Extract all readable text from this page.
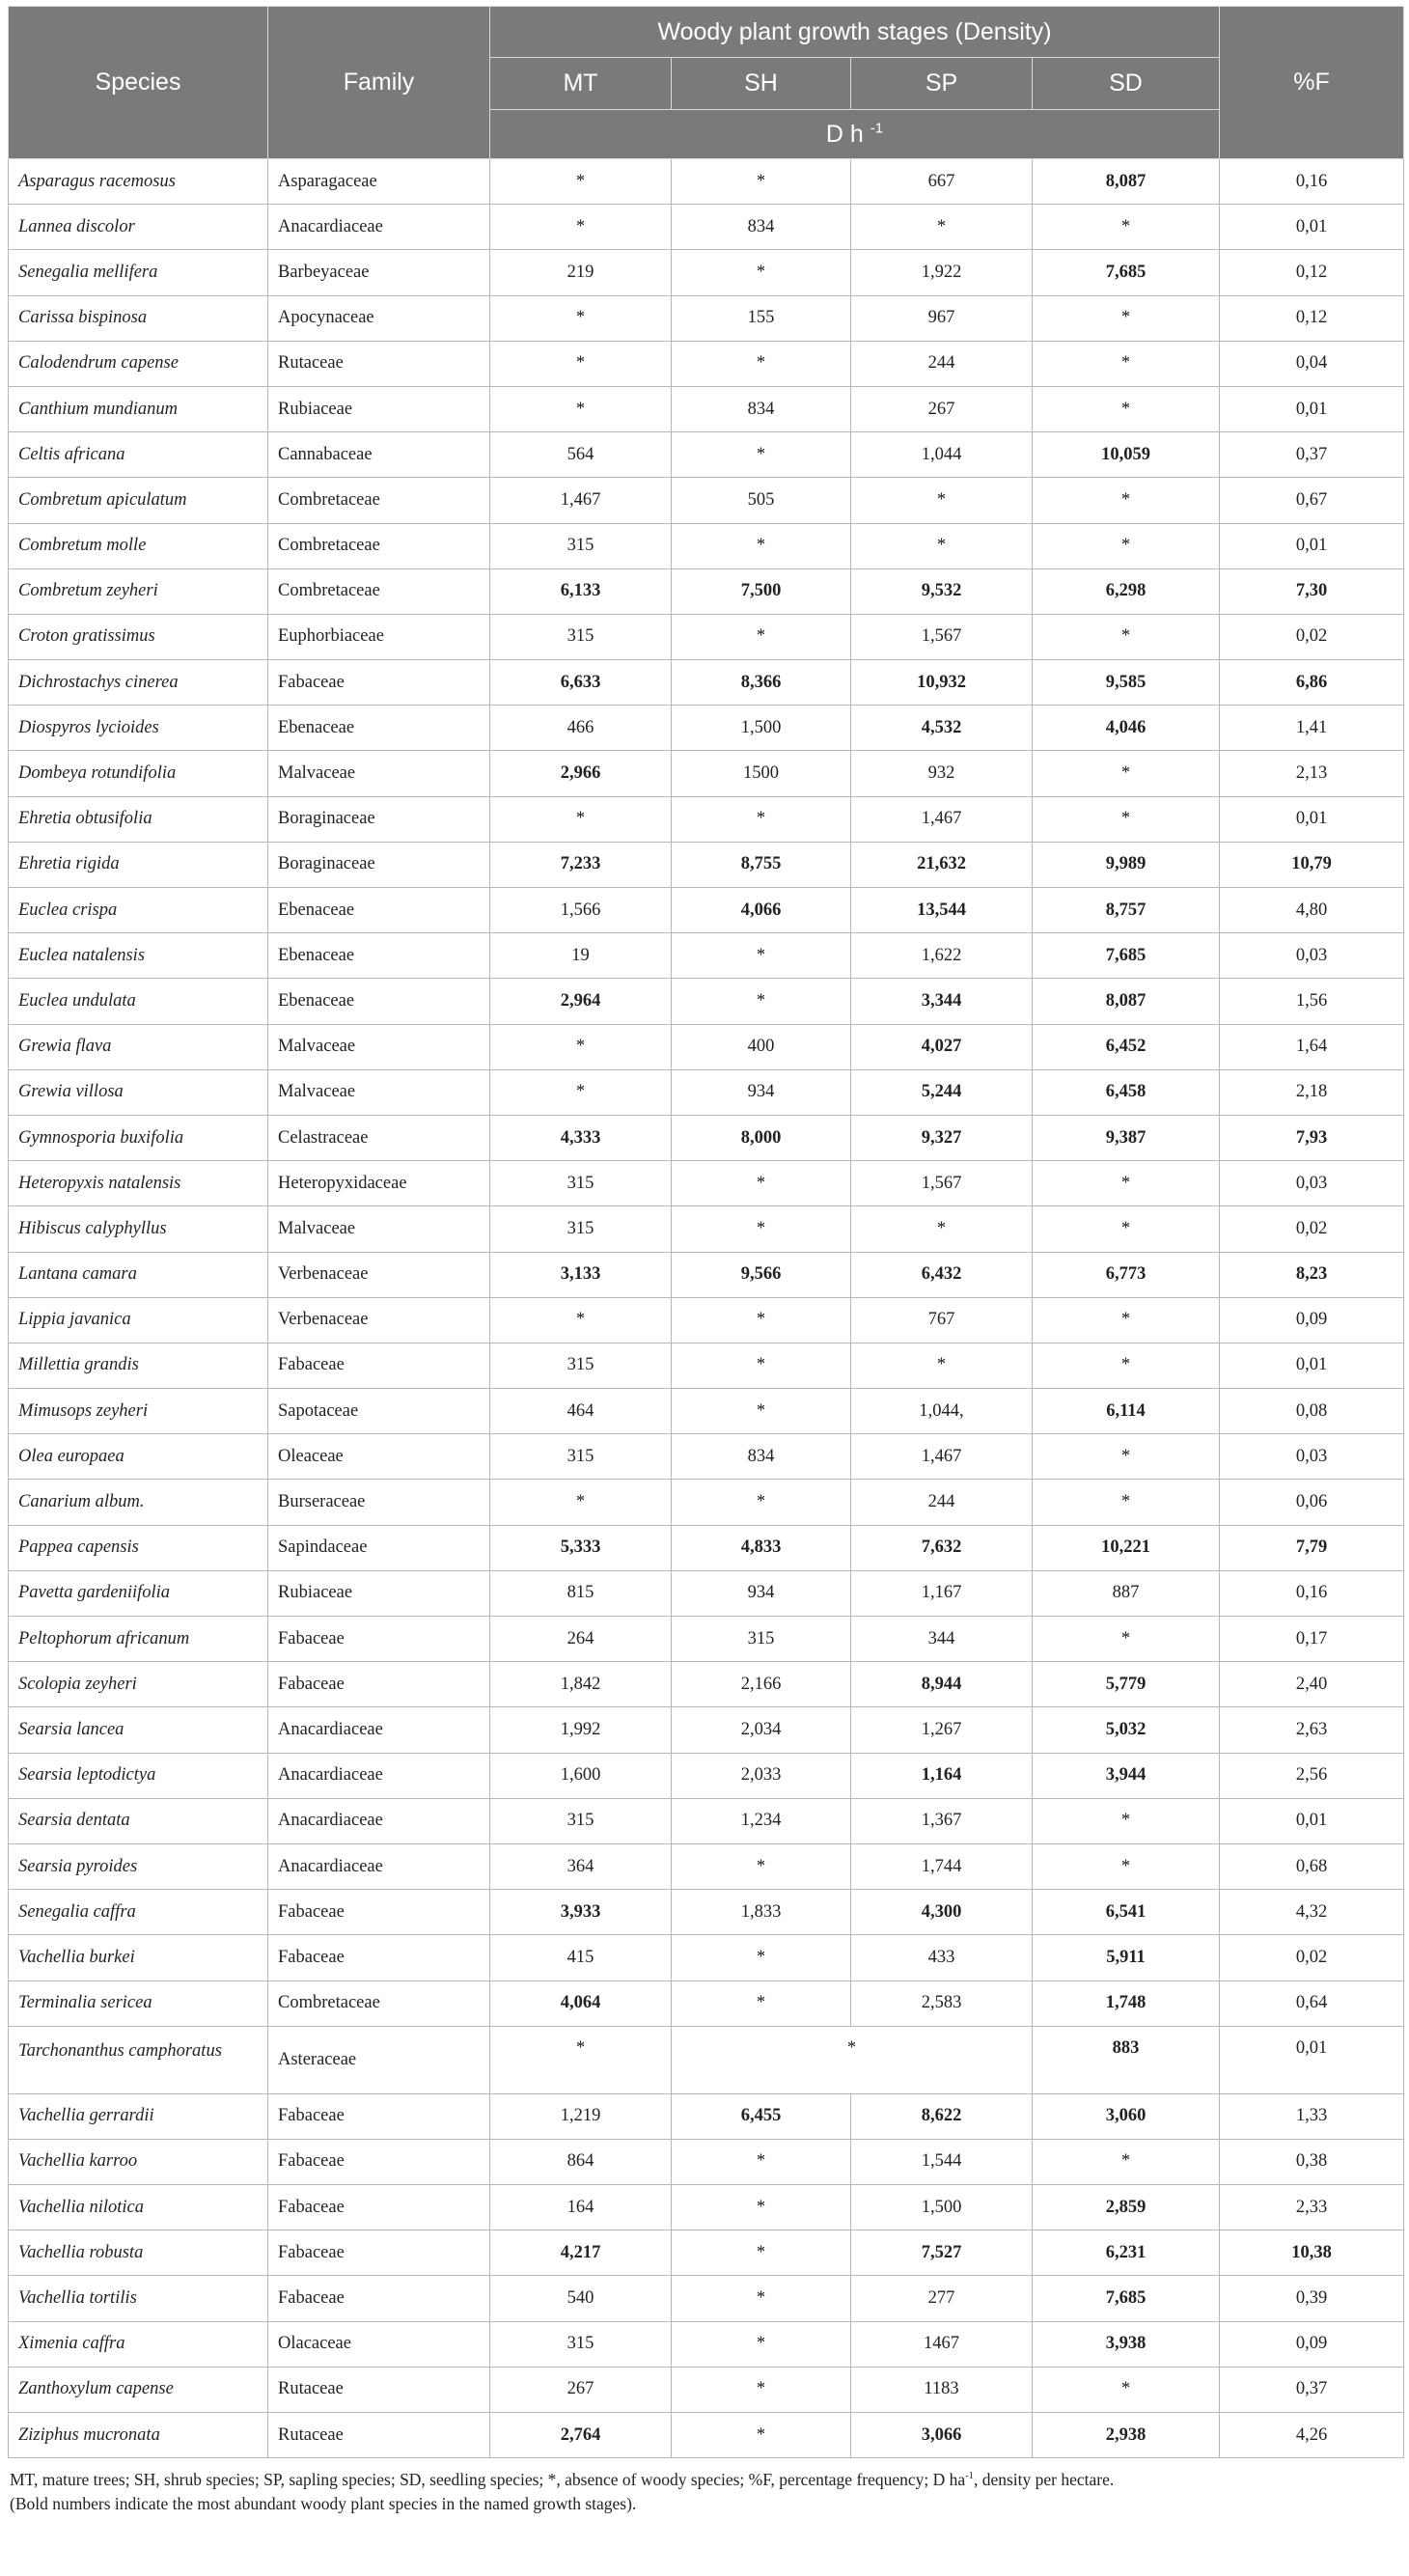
Species	Family	Woody plant growth stages (Density)				%F
		MT	SH	SP	SD	
		D h $^{-1}$
Asparagus racemosus	Asparagaceae	*	*	667	8,087	0,16
Lannea discolor	Anacardiaceae	*	834	*	*	0,01
Senegalia mellifera	Barbeyaceae	219	*	1,922	7,685	0,12
Carissa bispinosa	Apocynaceae	*	155	967	*	0,12
Calodendrum capense	Rutaceae	*	*	244	*	0,04
Canthium mundianum	Rubiaceae	*	834	267	*	0,01
Celtis africana	Cannabaceae	564	*	1,044	10,059	0,37
Combretum apiculatum	Combretaceae	1,467	505	*	*	0,67
Combretum molle	Combretaceae	315	*	*	*	0,01
Combretum zeyheri	Combretaceae	6,133	7,500	9,532	6,298	7,30
Croton gratissimus	Euphorbiaceae	315	*	1,567	*	0,02
Dichrostachys cinerea	Fabaceae	6,633	8,366	10,932	9,585	6,86
Diospyros lycioides	Ebenaceae	466	1,500	4,532	4,046	1,41
Dombeya rotundifolia	Malvaceae	2,966	1500	932	*	2,13
Ehretia obtusifolia	Boraginaceae	*	*	1,467	*	0,01
Ehretia rigida	Boraginaceae	7,233	8,755	21,632	9,989	10,79
Euclea crispa	Ebenaceae	1,566	4,066	13,544	8,757	4,80
Euclea natalensis	Ebenaceae	19	*	1,622	7,685	0,03
Euclea undulata	Ebenaceae	2,964	*	3,344	8,087	1,56
Grewia flava	Malvaceae	*	400	4,027	6,452	1,64
Grewia villosa	Malvaceae	*	934	5,244	6,458	2,18
Gymnosporia buxifolia	Celastraceae	4,333	8,000	9,327	9,387	7,93
Heteropyxis natalensis	Heteropyxidaceae	315	*	1,567	*	0,03
Hibiscus calyphyllus	Malvaceae	315	*	*	*	0,02
Lantana camara	Verbenaceae	3,133	9,566	6,432	6,773	8,23
Lippia javanica	Verbenaceae	*	*	767	*	0,09
Millettia grandis	Fabaceae	315	*	*	*	0,01
Mimusops zeyheri	Sapotaceae	464	*	1,044,	6,114	0,08
Olea europaea	Oleaceae	315	834	1,467	*	0,03
Canarium album.	Burseraceae	*	*	244	*	0,06
Pappea capensis	Sapindaceae	5,333	4,833	7,632	10,221	7,79
Pavetta gardeniifolia	Rubiaceae	815	934	1,167	887	0,16
Peltophorum africanum	Fabaceae	264	315	344	*	0,17
Scolopia zeyheri	Fabaceae	1,842	2,166	8,944	5,779	2,40
Searsia lancea	Anacardiaceae	1,992	2,034	1,267	5,032	2,63
Searsia leptodictya	Anacardiaceae	1,600	2,033	1,164	3,944	2,56
Searsia dentata	Anacardiaceae	315	1,234	1,367	*	0,01
Searsia pyroides	Anacardiaceae	364	*	1,744	*	0,68
Senegalia caffra	Fabaceae	3,933	1,833	4,300	6,541	4,32
Vachellia burkei	Fabaceae	415	*	433	5,911	0,02
Terminalia sericea	Combretaceae	4,064	*	2,583	1,748	0,64
Tarchonanthus camphoratus	Asteraceae	*	*		883	0,01
Vachellia gerrardii	Fabaceae	1,219	6,455	8,622	3,060	1,33
Vachellia karroo	Fabaceae	864	*	1,544	*	0,38
Vachellia nilotica	Fabaceae	164	*	1,500	2,859	2,33
Vachellia robusta	Fabaceae	4,217	*	7,527	6,231	10,38
Vachellia tortilis	Fabaceae	540	*	277	7,685	0,39
Ximenia caffra	Olacaceae	315	*	1467	3,938	0,09
Zanthoxylum capense	Rutaceae	267	*	1183	*	0,37
Ziziphus mucronata	Rutaceae	2,764	*	3,066	2,938	4,26
MT, mature trees; SH, shrub species; SP, sapling species; SD, seedling species; *, absence of woody species; %F, percentage frequency; D $ha^{-1}$, density per hectare.
(Bold numbers indicate the most abundant woody plant species in the named growth stages).
